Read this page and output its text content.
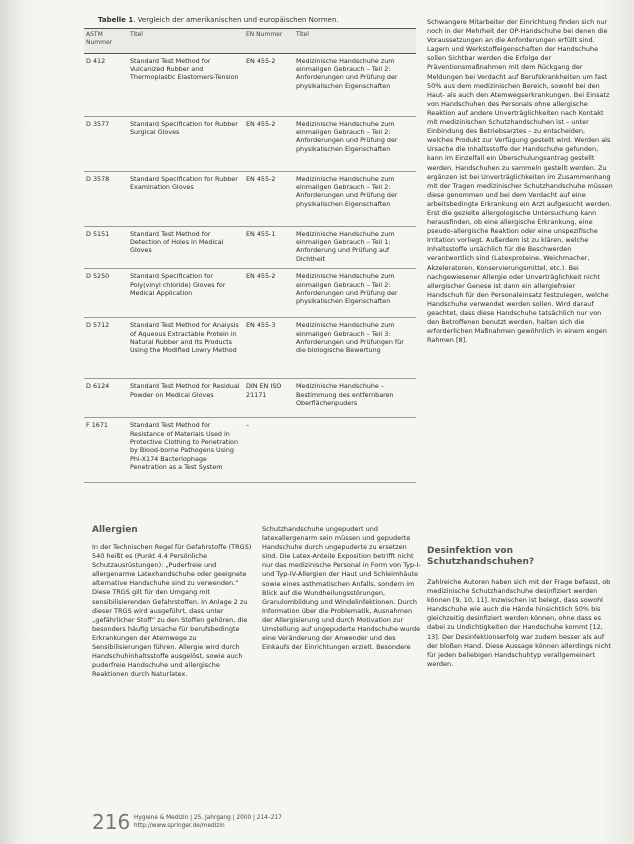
Tabelle 1. Vergleich der amerikanischen und europäischen Normen.
ASTM Nummer	Titel	EN Nummer	Titel
D 412	Standard Test Method for Vulcanized Rubber and Thermoplastic Elastomers-Tension	EN 455-2	Medizinische Handschuhe zum einmaligen Gebrauch – Teil 2: Anforderungen und Prüfung der physikalischen Eigenschaften
D 3577	Standard Specification for Rubber Surgical Gloves	EN 455-2	Medizinische Handschuhe zum einmaligen Gebrauch – Teil 2: Anforderungen und Prüfung der physikalischen Eigenschaften
D 3578	Standard Specification for Rubber Examination Gloves	EN 455-2	Medizinische Handschuhe zum einmaligen Gebrauch – Teil 2: Anforderungen und Prüfung der physikalischen Eigenschaften
D 5151	Standard Test Method for Detection of Holes in Medical Gloves	EN 455-1	Medizinische Handschuhe zum einmaligen Gebrauch – Teil 1: Anforderung und Prüfung auf Dichtheit
D 5250	Standard Specification for Poly(vinyl chloride) Gloves for Medical Application	EN 455-2	Medizinische Handschuhe zum einmaligen Gebrauch – Teil 2: Anforderungen und Prüfung der physikalischen Eigenschaften
D 5712	Standard Test Method for Analysis of Aqueous Extractable Protein in Natural Rubber and Its Products Using the Modified Lowry Method	EN 455-3	Medizinische Handschuhe zum einmaligen Gebrauch – Teil 3: Anforderungen und Prüfungen für die biologische Bewertung
D 6124	Standard Test Method for Residual Powder on Medical Gloves	DIN EN ISO 21171	Medizinische Handschuhe – Bestimmung des entfernbaren Oberflächenpuders
F 1671	Standard Test Method for Resistance of Materials Used in Protective Clothing to Penetration by Blood-borne Pathogens Using Phi-X174 Bacteriophage Penetration as a Test System	–	

Schwangere Mitarbeiter der Einrichtung finden sich nur noch in der Mehrheit der OP-Handschuhe bei denen die Voraussetzungen an die Anforderungen erfüllt sind. Lagern und Werkstoffeigenschaften der Handschuhe sollen Sichtbar werden die Erfolge der Präventionsmaßnahmen mit dem Rückgang der Meldungen bei Verdacht auf Berufskrankheiten um fast 50% aus dem medizinischen Bereich, sowohl bei den Haut- als auch den Atemwegserkrankungen. Bei Einsatz von Handschuhen des Personals ohne allergische Reaktion auf andere Unverträglichkeiten nach Kontakt mit medizinischen Schutzhandschuhen ist – unter Einbindung des Betriebsarztes – zu entscheiden, welches Produkt zur Verfügung gestellt wird. Werden als Ursache die Inhaltsstoffe der Handschuhe gefunden, kann im Einzelfall ein Überschulungsantrag gestellt werden. Handschuhen zu sammeln gestellt werden. Zu ergänzen ist bei Unverträglichkeiten im Zusammenhang mit der Tragen medizinischer Schutzhandschuhe müssen diese genommen und bei dem Verdacht auf eine arbeitsbedingte Erkrankung ein Arzt aufgesucht werden. Erst die gezielte allergologische Untersuchung kann herausfinden, ob eine allergische Erkrankung, eine pseudo-allergische Reaktion oder eine unspezifische Irritation vorliegt. Außerdem ist zu klären, welche Inhaltsstoffe ursächlich für die Beschwerden verantwortlich sind (Latexproteine, Weichmacher, Akzeleratoren, Konservierungsmittel, etc.). Bei nachgewiesener Allergie oder Unverträglichkeit nicht allergischer Genese ist dann ein allergiefreier Handschuh für den Personaleinsatz festzulegen, welche Handschuhe verwendet werden sollen. Wird darauf geachtet, dass diese Handschuhe tatsächlich nur von den Betroffenen benutzt werden, halten sich die erforderlichen Maßnahmen gewöhnlich in einem engen Rahmen [8].

Allergien

In der Technischen Regel für Gefahrstoffe (TRGS) 540 heißt es (Punkt 4.4 Persönliche Schutzausrüstungen): „Puderfreie und allergenarme Latexhandschuhe oder geeignete alternative Handschuhe sind zu verwenden.“ Diese TRGS gilt für den Umgang mit sensibilisierenden Gefahrstoffen. In Anlage 2 zu dieser TRGS wird ausgeführt, dass unter „gefährlicher Stoff“ zu den Stoffen gehören, die besonders häufig Ursache für berufsbedingte Erkrankungen der Atemwege zu Sensibilisierungen führen. Allergie wird durch Handschuhinhaltsstoffe ausgelöst, sowie auch puderfreie Handschuhe und allergische Reaktionen durch Naturlatex.

Schutzhandschuhe ungepudert und latexallergenarm sein müssen und gepuderte Handschuhe durch ungepuderte zu ersetzen sind. Die Latex-Anteile Exposition betrifft nicht nur das medizinische Personal in Form von Typ-I- und Typ-IV-Allergien der Haut und Schleimhäute sowie eines asthmatischen Anfalls, sondern im Blick auf die Wundheilungsstörungen, Granulombildung und Windelinfektionen. Durch Information über die Problematik, Ausnahmen der Allergisierung und durch Motivation zur Umstellung auf ungepuderte Handschuhe wurde eine Veränderung der Anwender und des Einkaufs der Einrichtungen erzielt. Besondere

Desinfektion von Schutzhandschuhen?

Zahlreiche Autoren haben sich mit der Frage befasst, ob medizinische Schutzhandschuhe desinfiziert werden können [9, 10, 11]. Inzwischen ist belegt, dass sowohl Handschuhe wie auch die Hände hinsichtlich 50% bis gleichzeitig desinfiziert werden können, ohne dass es dabei zu Undichtigkeiten der Handschuhe kommt [12, 13]. Der Desinfektionserfolg war zudem besser als auf der bloßen Hand. Diese Aussage können allerdings nicht für jeden beliebigen Handschuhtyp verallgemeinert werden.

216 Hygiene & Medizin | 25. Jahrgang | 2000 | 214–217
http://www.springer.de/medizin
